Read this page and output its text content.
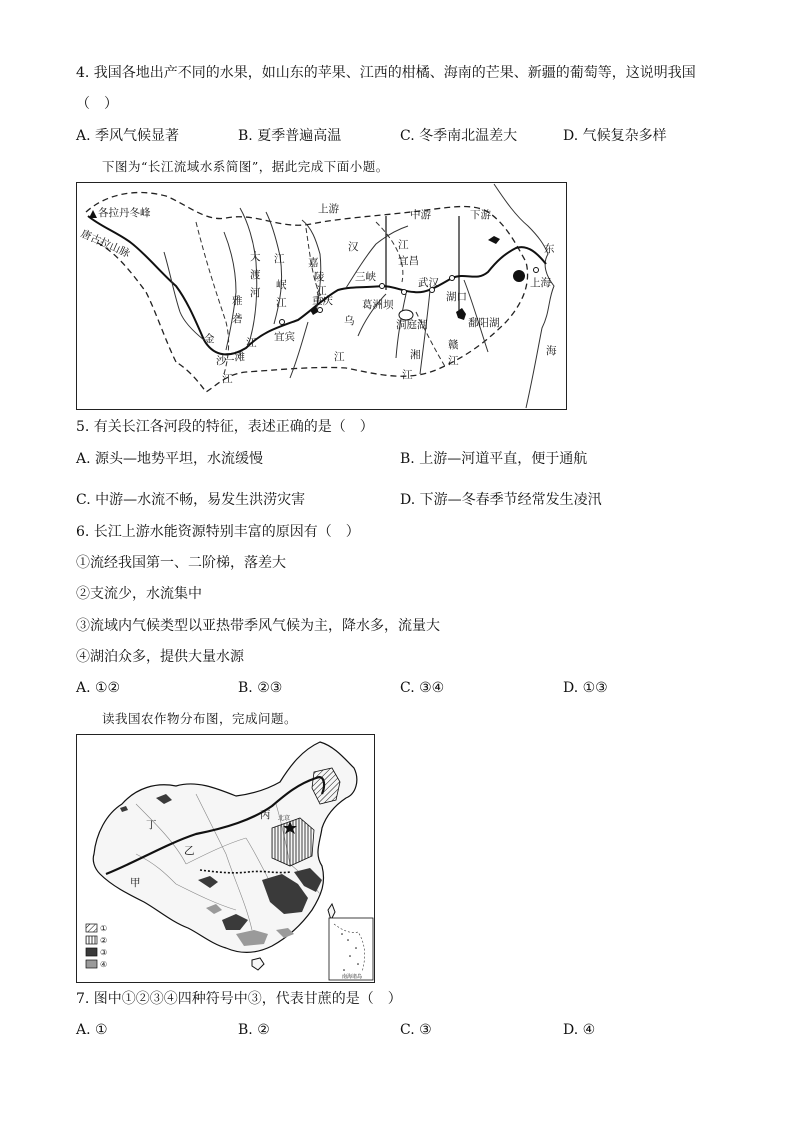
4. 我国各地出产不同的水果，如山东的苹果、江西的柑橘、海南的芒果、新疆的葡萄等，这说明我国
（　）
A. 季风气候显著	B. 夏季普遍高温	C. 冬季南北温差大	D. 气候复杂多样
下图为“长江流域水系简图”，据此完成下面小题。
各拉丹冬峰
唐古拉山脉
上游	中游	下游
大
渡
河
雅
砻
江
岷
江
嘉
陵
江
汉	江
三峡
宜昌
武汉
重庆	葛洲坝
宜宾
二滩
金
沙
江
乌
江
洞庭湖
湖口
鄱阳湖
湘
江
赣
江
上海
东
海
江
5. 有关长江各河段的特征，表述正确的是（　）
A. 源头—地势平坦，水流缓慢	B. 上游—河道平直，便于通航
C. 中游—水流不畅，易发生洪涝灾害	D. 下游—冬春季节经常发生凌汛
6. 长江上游水能资源特别丰富的原因有（　）
①流经我国第一、二阶梯，落差大
②支流少，水流集中
③流域内气候类型以亚热带季风气候为主，降水多，流量大
④湖泊众多，提供大量水源
A. ①②	B. ②③	C. ③④	D. ①③
读我国农作物分布图，完成问题。
①
②
③
④
丙
丁
乙
甲
北京
南海诸岛
7. 图中①②③④四种符号中③，代表甘蔗的是（　）
A. ①	B. ②	C. ③	D. ④
